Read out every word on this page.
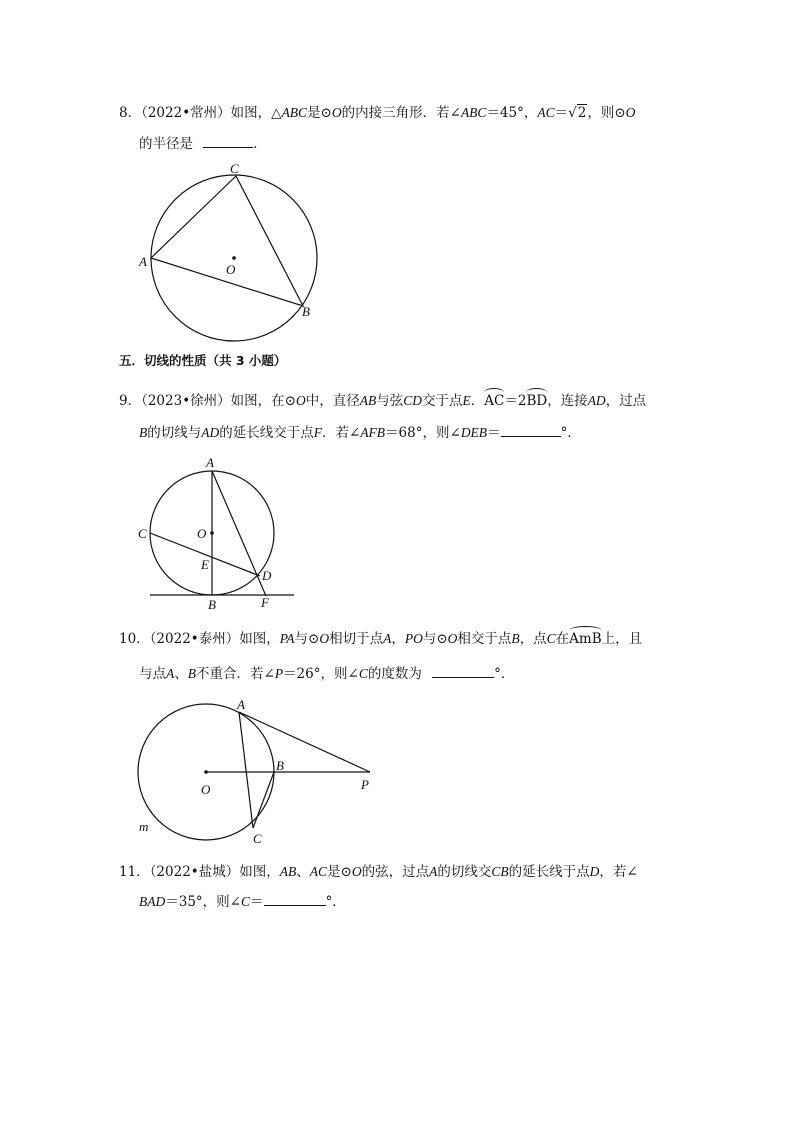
8．（2022•常州）如图，△ABC是⊙O的内接三角形．若∠ABC＝45°，AC＝√2，则⊙O
的半径是	．
C
A
O
B
五．切线的性质（共 3 小题）
9．（2023•徐州）如图，在⊙O中，直径AB与弦CD交于点E．AC＝2BD，连接AD，过点
B的切线与AD的延长线交于点F．若∠AFB＝68°，则∠DEB＝	°．
A
C	O
E
D
B	F
10．（2022•泰州）如图，PA与⊙O相切于点A，PO与⊙O相交于点B，点C在AmB上，且
与点A、B不重合．若∠P＝26°，则∠C的度数为	°．
A
B
O	P
m
C
11．（2022•盐城）如图，AB、AC是⊙O的弦，过点A的切线交CB的延长线于点D，若∠
BAD＝35°，则∠C＝	°．
